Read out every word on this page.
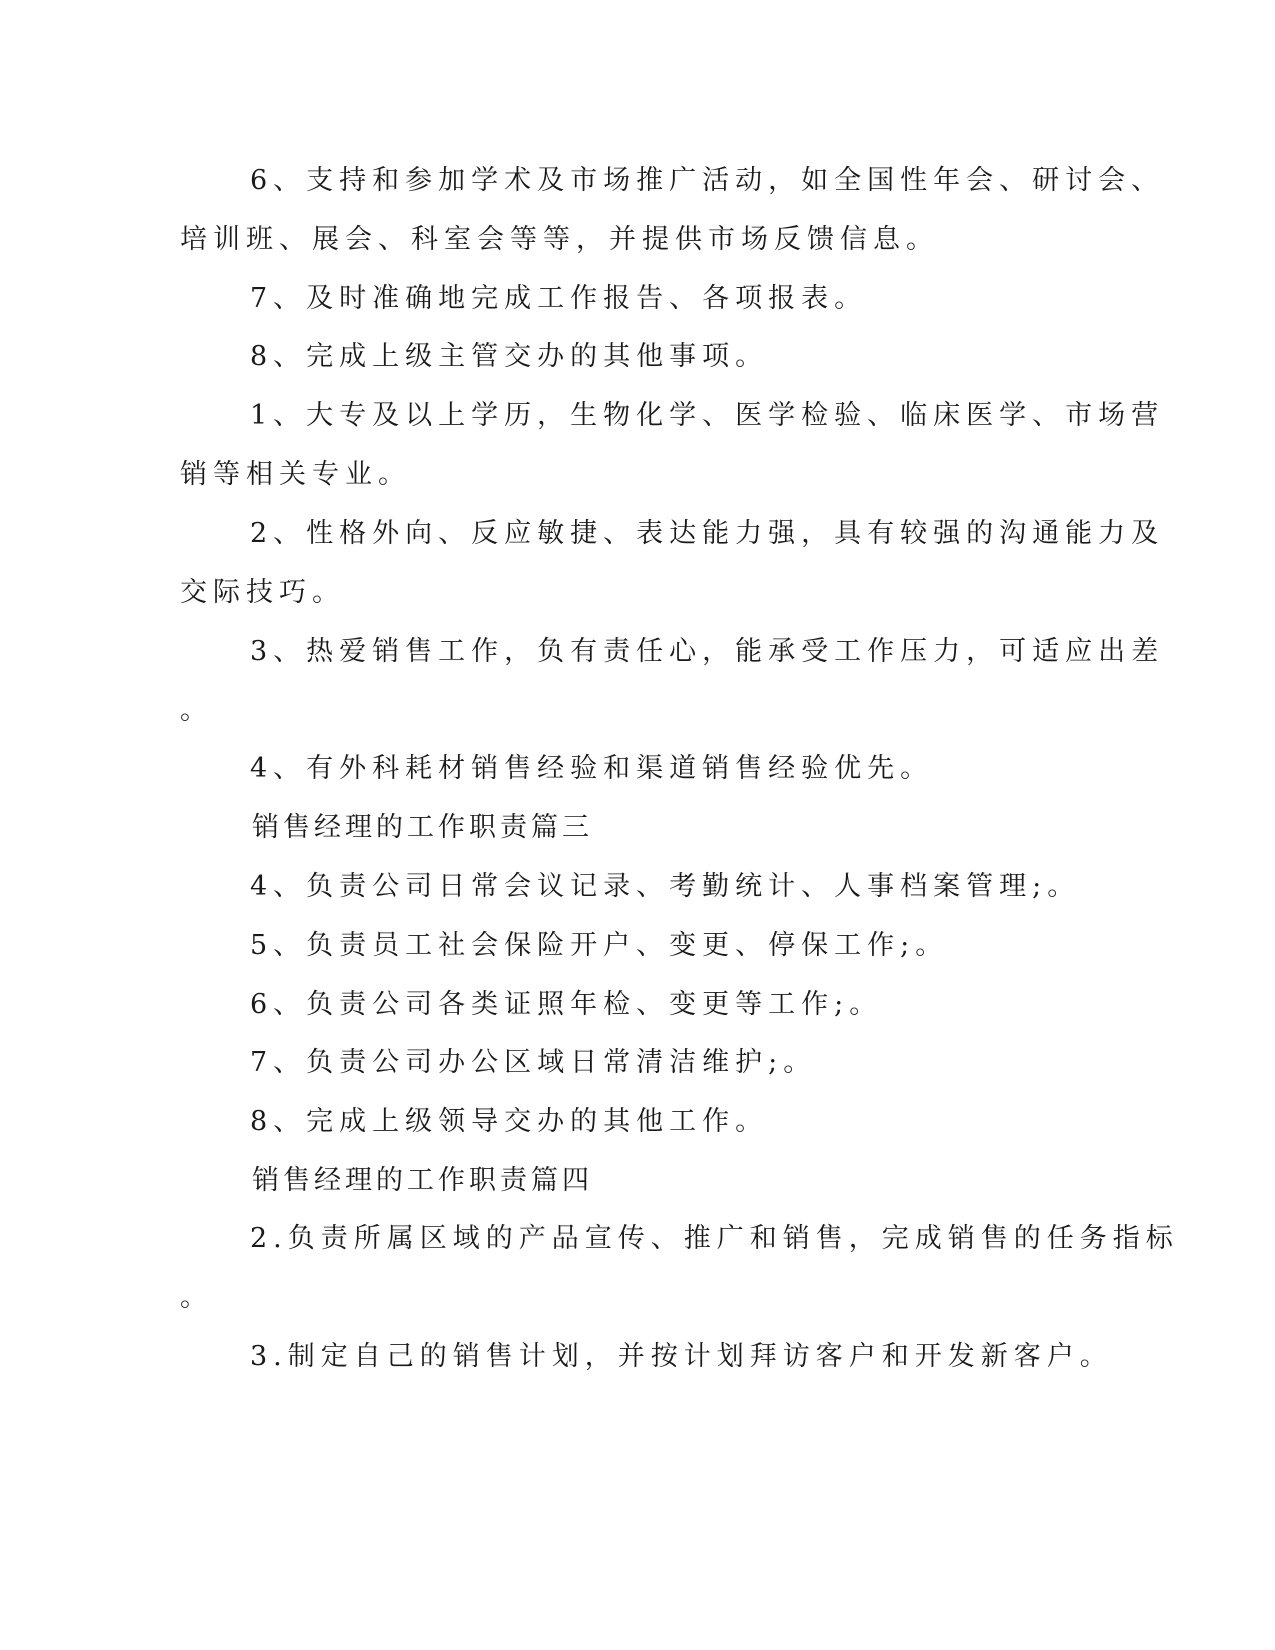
6、支持和参加学术及市场推广活动，如全国性年会、研讨会、
培训班、展会、科室会等等，并提供市场反馈信息。
7、及时准确地完成工作报告、各项报表。
8、完成上级主管交办的其他事项。
1、大专及以上学历，生物化学、医学检验、临床医学、市场营
销等相关专业。
2、性格外向、反应敏捷、表达能力强，具有较强的沟通能力及
交际技巧。
3、热爱销售工作，负有责任心，能承受工作压力，可适应出差
。
4、有外科耗材销售经验和渠道销售经验优先。
销售经理的工作职责篇三
4、负责公司日常会议记录、考勤统计、人事档案管理;。
5、负责员工社会保险开户、变更、停保工作;。
6、负责公司各类证照年检、变更等工作;。
7、负责公司办公区域日常清洁维护;。
8、完成上级领导交办的其他工作。
销售经理的工作职责篇四
2.负责所属区域的产品宣传、推广和销售，完成销售的任务指标
。
3.制定自己的销售计划，并按计划拜访客户和开发新客户。
